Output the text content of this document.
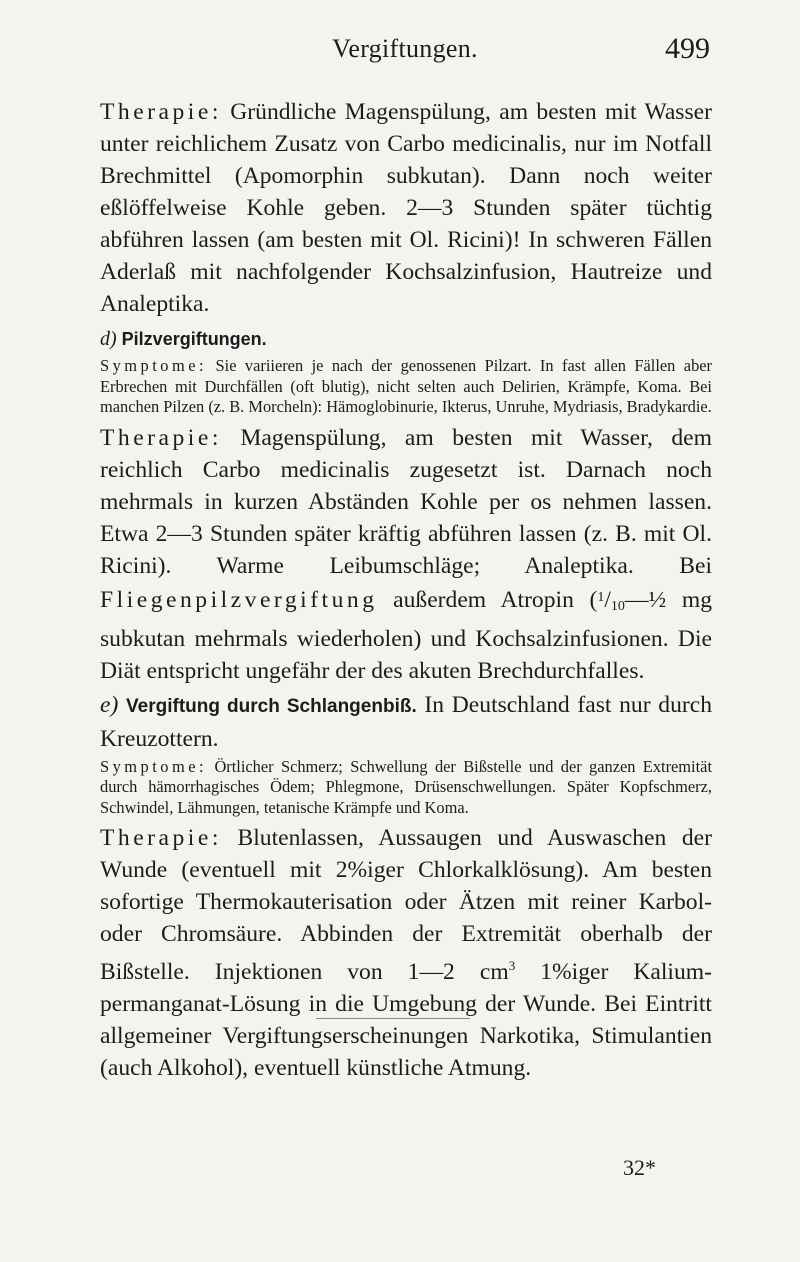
Vergiftungen.	499

Therapie: Gründliche Magenspülung, am besten mit Wasser unter reichlichem Zusatz von Carbo medicinalis, nur im Notfall Brechmittel (Apomorphin subkutan). Dann noch weiter eßlöffelweise Kohle geben. 2—3 Stunden später tüchtig abführen lassen (am besten mit Ol. Ricini)! In schweren Fällen Aderlaß mit nachfolgender Kochsalzinfusion, Hautreize und Analeptika.

d) Pilzvergiftungen.

Symptome: Sie variieren je nach der genossenen Pilzart. In fast allen Fällen aber Erbrechen mit Durchfällen (oft blutig), nicht selten auch Delirien, Krämpfe, Koma. Bei manchen Pilzen (z. B. Morcheln): Hämoglobinurie, Ikterus, Unruhe, Mydriasis, Bradykardie.

Therapie: Magenspülung, am besten mit Wasser, dem reichlich Carbo medicinalis zugesetzt ist. Darnach noch mehrmals in kurzen Abständen Kohle per os nehmen lassen. Etwa 2—3 Stunden später kräftig abführen lassen (z. B. mit Ol. Ricini). Warme Leibumschläge; Analeptika. Bei Fliegenpilzvergiftung außerdem Atropin ($^1$/10—½ mg subkutan mehrmals wiederholen) und Kochsalzinfusionen. Die Diät entspricht ungefähr der des akuten Brechdurchfalles.

e) Vergiftung durch Schlangenbiß. In Deutschland fast nur durch Kreuzottern.

Symptome: Örtlicher Schmerz; Schwellung der Bißstelle und der ganzen Extremität durch hämorrhagisches Ödem; Phlegmone, Drüsenschwellungen. Später Kopfschmerz, Schwindel, Lähmungen, tetanische Krämpfe und Koma.

Therapie: Blutenlassen, Aussaugen und Auswaschen der Wunde (eventuell mit 2%iger Chlorkalklösung). Am besten sofortige Thermokauterisation oder Ätzen mit reiner Karbol- oder Chromsäure. Abbinden der Extremität oberhalb der Bißstelle. Injektionen von 1—2 $cm^3$ 1%iger Kalium-permanganat-Lösung in die Umgebung der Wunde. Bei Eintritt allgemeiner Vergiftungserscheinungen Narkotika, Stimulantien (auch Alkohol), eventuell künstliche Atmung.

32*
